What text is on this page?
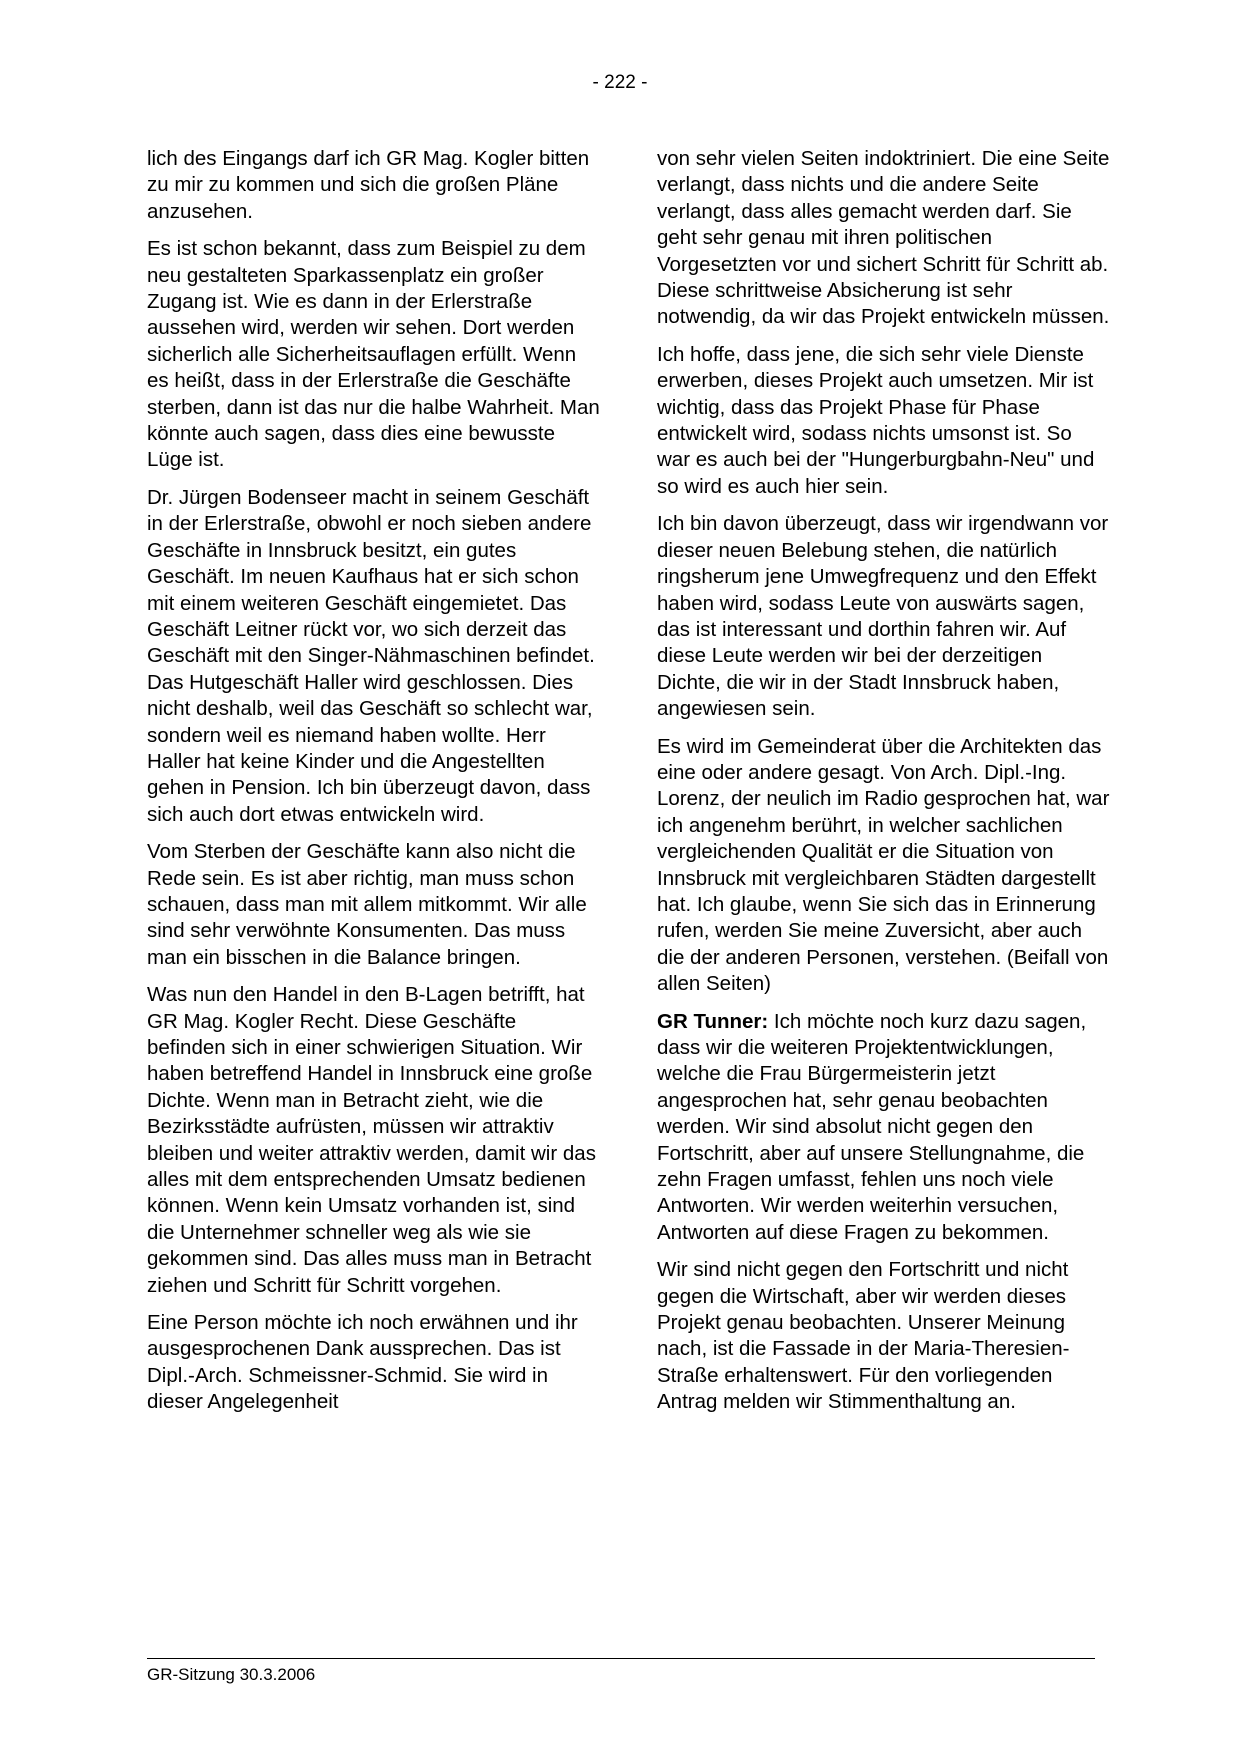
- 222 -

lich des Eingangs darf ich GR Mag. Kogler bitten zu mir zu kommen und sich die großen Pläne anzusehen.

Es ist schon bekannt, dass zum Beispiel zu dem neu gestalteten Sparkassenplatz ein großer Zugang ist. Wie es dann in der Erlerstraße aussehen wird, werden wir sehen. Dort werden sicherlich alle Sicherheitsauflagen erfüllt. Wenn es heißt, dass in der Erlerstraße die Geschäfte sterben, dann ist das nur die halbe Wahrheit. Man könnte auch sagen, dass dies eine bewusste Lüge ist.

Dr. Jürgen Bodenseer macht in seinem Geschäft in der Erlerstraße, obwohl er noch sieben andere Geschäfte in Innsbruck besitzt, ein gutes Geschäft. Im neuen Kaufhaus hat er sich schon mit einem weiteren Geschäft eingemietet. Das Geschäft Leitner rückt vor, wo sich derzeit das Geschäft mit den Singer-Nähmaschinen befindet. Das Hutgeschäft Haller wird geschlossen. Dies nicht deshalb, weil das Geschäft so schlecht war, sondern weil es niemand haben wollte. Herr Haller hat keine Kinder und die Angestellten gehen in Pension. Ich bin überzeugt davon, dass sich auch dort etwas entwickeln wird.

Vom Sterben der Geschäfte kann also nicht die Rede sein. Es ist aber richtig, man muss schon schauen, dass man mit allem mitkommt. Wir alle sind sehr verwöhnte Konsumenten. Das muss man ein bisschen in die Balance bringen.

Was nun den Handel in den B-Lagen betrifft, hat GR Mag. Kogler Recht. Diese Geschäfte befinden sich in einer schwierigen Situation. Wir haben betreffend Handel in Innsbruck eine große Dichte. Wenn man in Betracht zieht, wie die Bezirksstädte aufrüsten, müssen wir attraktiv bleiben und weiter attraktiv werden, damit wir das alles mit dem entsprechenden Umsatz bedienen können. Wenn kein Umsatz vorhanden ist, sind die Unternehmer schneller weg als wie sie gekommen sind. Das alles muss man in Betracht ziehen und Schritt für Schritt vorgehen.

Eine Person möchte ich noch erwähnen und ihr ausgesprochenen Dank aussprechen. Das ist Dipl.-Arch. Schmeissner-Schmid. Sie wird in dieser Angelegenheit

von sehr vielen Seiten indoktriniert. Die eine Seite verlangt, dass nichts und die andere Seite verlangt, dass alles gemacht werden darf. Sie geht sehr genau mit ihren politischen Vorgesetzten vor und sichert Schritt für Schritt ab. Diese schrittweise Absicherung ist sehr notwendig, da wir das Projekt entwickeln müssen.

Ich hoffe, dass jene, die sich sehr viele Dienste erwerben, dieses Projekt auch umsetzen. Mir ist wichtig, dass das Projekt Phase für Phase entwickelt wird, sodass nichts umsonst ist. So war es auch bei der "Hungerburgbahn-Neu" und so wird es auch hier sein.

Ich bin davon überzeugt, dass wir irgendwann vor dieser neuen Belebung stehen, die natürlich ringsherum jene Umwegfrequenz und den Effekt haben wird, sodass Leute von auswärts sagen, das ist interessant und dorthin fahren wir. Auf diese Leute werden wir bei der derzeitigen Dichte, die wir in der Stadt Innsbruck haben, angewiesen sein.

Es wird im Gemeinderat über die Architekten das eine oder andere gesagt. Von Arch. Dipl.-Ing. Lorenz, der neulich im Radio gesprochen hat, war ich angenehm berührt, in welcher sachlichen vergleichenden Qualität er die Situation von Innsbruck mit vergleichbaren Städten dargestellt hat. Ich glaube, wenn Sie sich das in Erinnerung rufen, werden Sie meine Zuversicht, aber auch die der anderen Personen, verstehen. (Beifall von allen Seiten)

GR Tunner: Ich möchte noch kurz dazu sagen, dass wir die weiteren Projektentwicklungen, welche die Frau Bürgermeisterin jetzt angesprochen hat, sehr genau beobachten werden. Wir sind absolut nicht gegen den Fortschritt, aber auf unsere Stellungnahme, die zehn Fragen umfasst, fehlen uns noch viele Antworten. Wir werden weiterhin versuchen, Antworten auf diese Fragen zu bekommen.

Wir sind nicht gegen den Fortschritt und nicht gegen die Wirtschaft, aber wir werden dieses Projekt genau beobachten. Unserer Meinung nach, ist die Fassade in der Maria-Theresien-Straße erhaltenswert. Für den vorliegenden Antrag melden wir Stimmenthaltung an.

GR-Sitzung 30.3.2006
